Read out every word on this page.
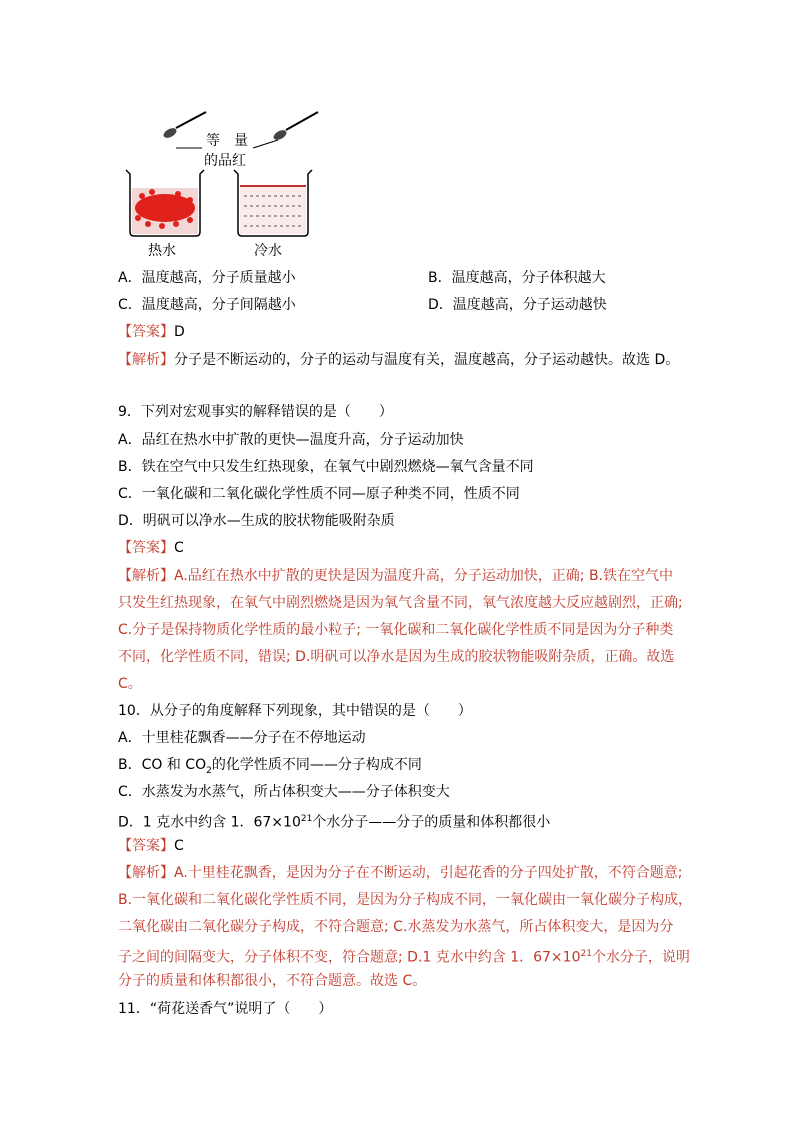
等　量
的品红
热水	冷水
A．温度越高，分子质量越小	B．温度越高，分子体积越大
C．温度越高，分子间隔越小	D．温度越高，分子运动越快
【答案】D
【解析】分子是不断运动的，分子的运动与温度有关，温度越高，分子运动越快。故选 D。
9．下列对宏观事实的解释错误的是（　　）
A．品红在热水中扩散的更快—温度升高，分子运动加快
B．铁在空气中只发生红热现象，在氧气中剧烈燃烧—氧气含量不同
C．一氧化碳和二氧化碳化学性质不同—原子种类不同，性质不同
D．明矾可以净水—生成的胶状物能吸附杂质
【答案】C
【解析】A.品红在热水中扩散的更快是因为温度升高，分子运动加快，正确; B.铁在空气中
只发生红热现象，在氧气中剧烈燃烧是因为氧气含量不同，氧气浓度越大反应越剧烈，正确;
C.分子是保持物质化学性质的最小粒子; 一氧化碳和二氧化碳化学性质不同是因为分子种类
不同，化学性质不同，错误; D.明矾可以净水是因为生成的胶状物能吸附杂质，正确。故选
C。
10．从分子的角度解释下列现象，其中错误的是（　　）
A．十里桂花飘香——分子在不停地运动
B．CO 和 $CO_2$的化学性质不同——分子构成不同
C．水蒸发为水蒸气，所占体积变大——分子体积变大
D．1 克水中约含 1．$67\times 10^{21}$个水分子——分子的质量和体积都很小
【答案】C
【解析】A.十里桂花飘香，是因为分子在不断运动，引起花香的分子四处扩散，不符合题意;
B.一氧化碳和二氧化碳化学性质不同，是因为分子构成不同，一氧化碳由一氧化碳分子构成，
二氧化碳由二氧化碳分子构成，不符合题意; C.水蒸发为水蒸气，所占体积变大，是因为分
子之间的间隔变大，分子体积不变，符合题意; D.1 克水中约含 1．$67\times 10^{21}$个水分子，说明
分子的质量和体积都很小，不符合题意。故选 C。
11．“荷花送香气”说明了（　　）
